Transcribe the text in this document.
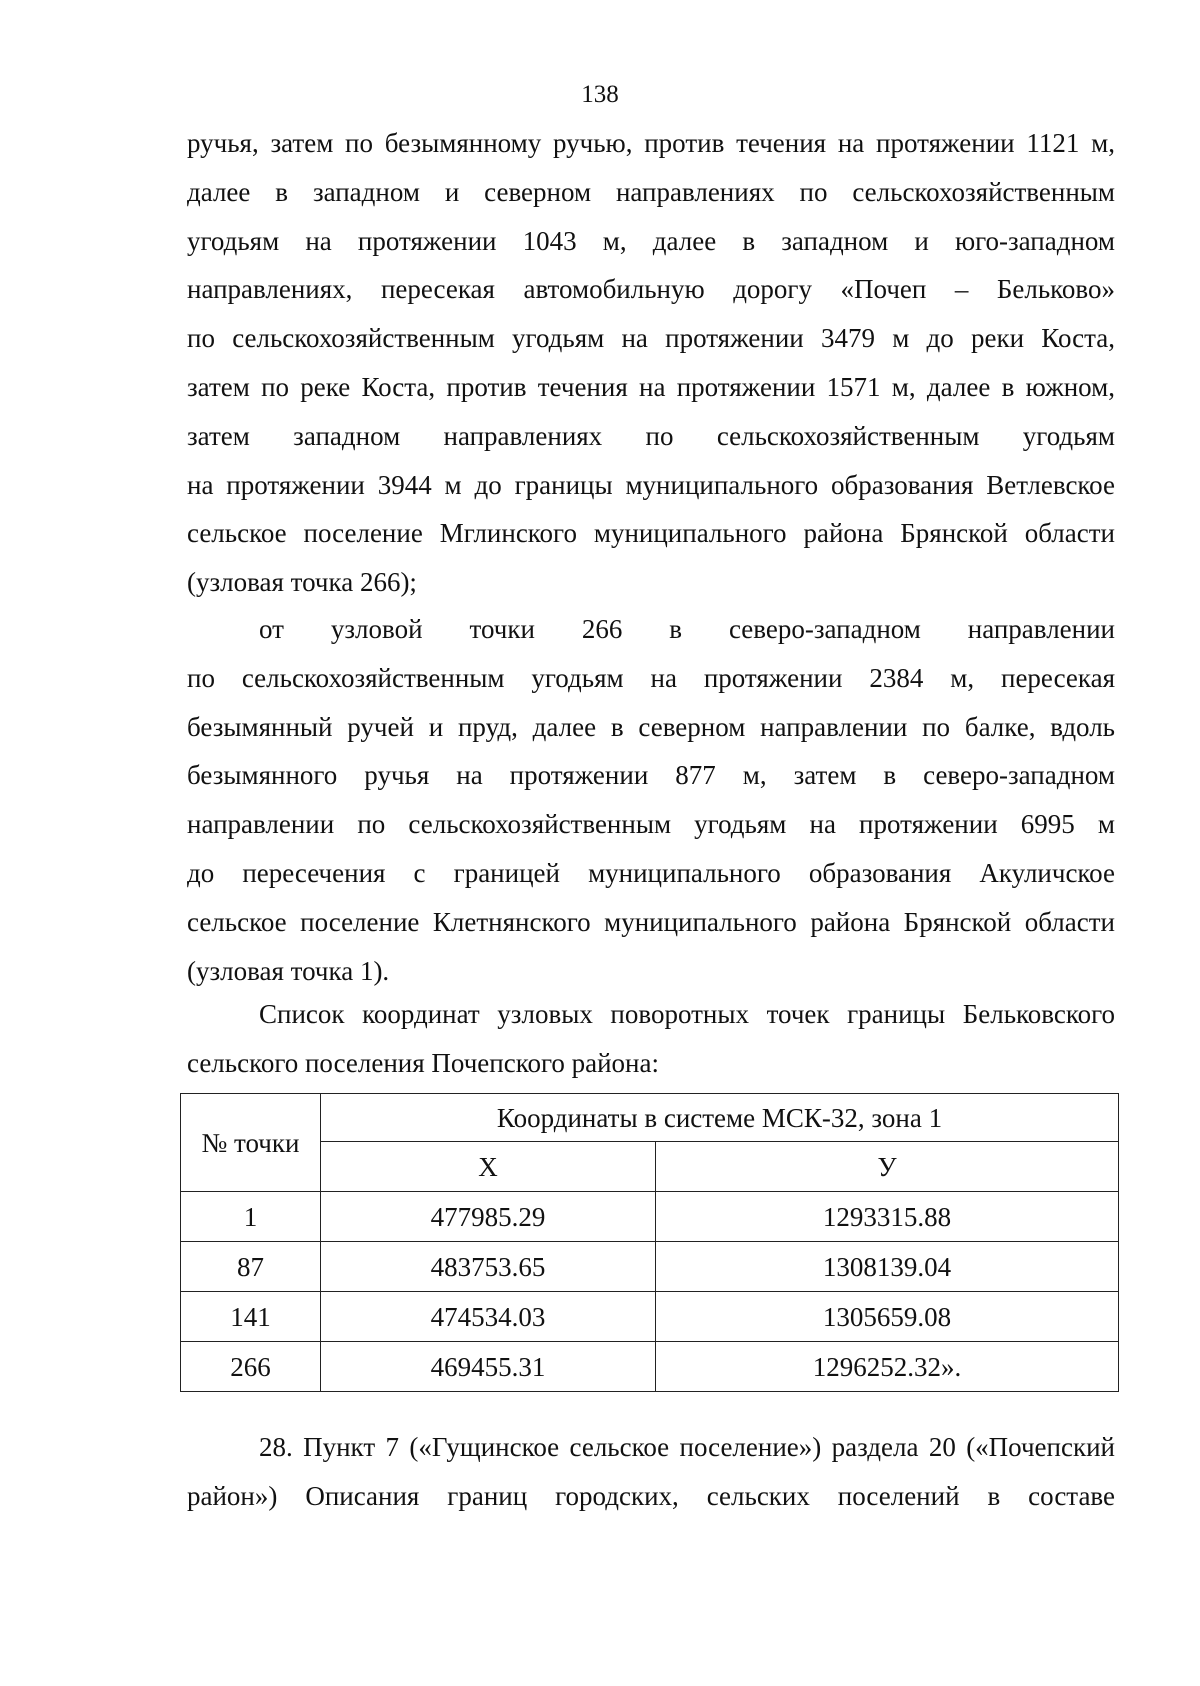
138
ручья, затем по безымянному ручью, против течения на протяжении 1121 м,
далее в западном и северном направлениях по сельскохозяйственным
угодьям на протяжении 1043 м, далее в западном и юго-западном
направлениях, пересекая автомобильную дорогу «Почеп – Бельково»
по сельскохозяйственным угодьям на протяжении 3479 м до реки Коста,
затем по реке Коста, против течения на протяжении 1571 м, далее в южном,
затем западном направлениях по сельскохозяйственным угодьям
на протяжении 3944 м до границы муниципального образования Ветлевское
сельское поселение Мглинского муниципального района Брянской области
(узловая точка 266);
от узловой точки 266 в северо-западном направлении
по сельскохозяйственным угодьям на протяжении 2384 м, пересекая
безымянный ручей и пруд, далее в северном направлении по балке, вдоль
безымянного ручья на протяжении 877 м, затем в северо-западном
направлении по сельскохозяйственным угодьям на протяжении 6995 м
до пересечения с границей муниципального образования Акуличское
сельское поселение Клетнянского муниципального района Брянской области
(узловая точка 1).
Список координат узловых поворотных точек границы Бельковского
сельского поселения Почепского района:
№ точки	Координаты в системе МСК-32, зона 1	
	Х	У
1	477985.29	1293315.88
87	483753.65	1308139.04
141	474534.03	1305659.08
266	469455.31	1296252.32».
28. Пункт 7 («Гущинское сельское поселение») раздела 20 («Почепский
район») Описания границ городских, сельских поселений в составе
